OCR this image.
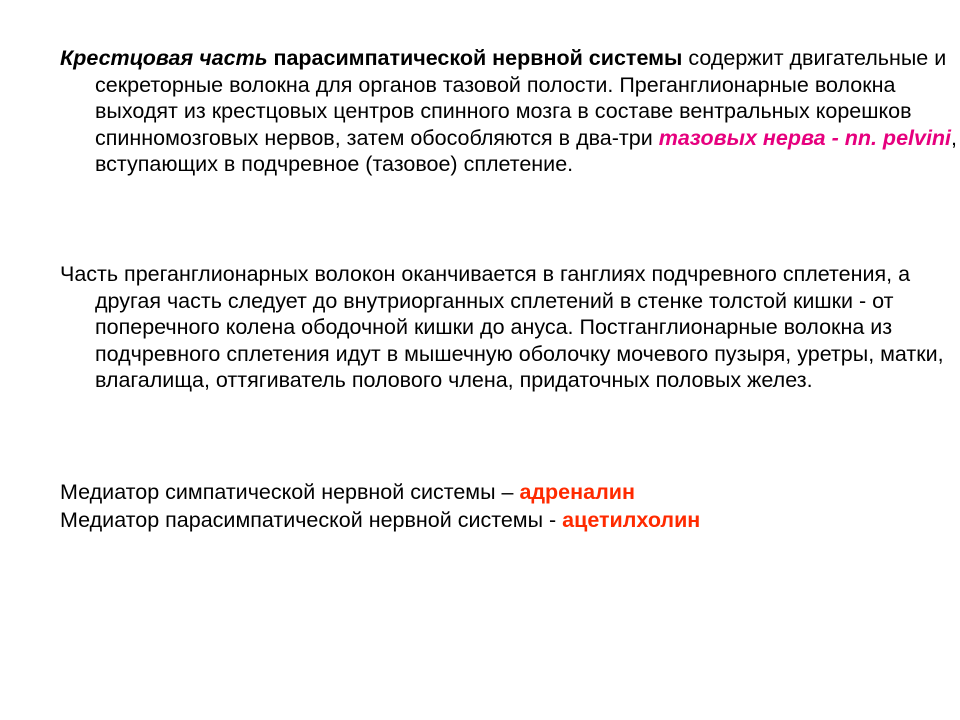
Крестцовая часть парасимпатической нервной системы содержит двигательные и секреторные волокна для органов тазовой полости. Преганглионарные волокна выходят из крестцовых центров спинного мозга в составе вентральных корешков спинномозговых нервов, затем обособляются в два-три тазовых нерва - nn. pelvini, вступающих в подчревное (тазовое) сплетение.

Часть преганглионарных волокон оканчивается в ганглиях подчревного сплетения, а другая часть следует до внутриорганных сплетений в стенке толстой кишки - от поперечного колена ободочной кишки до ануса. Постганглионарные волокна из подчревного сплетения идут в мышечную оболочку мочевого пузыря, уретры, матки, влагалища, оттягиватель полового члена, придаточных половых желез.

Медиатор симпатической нервной системы – адреналин

Медиатор парасимпатической нервной системы - ацетилхолин
